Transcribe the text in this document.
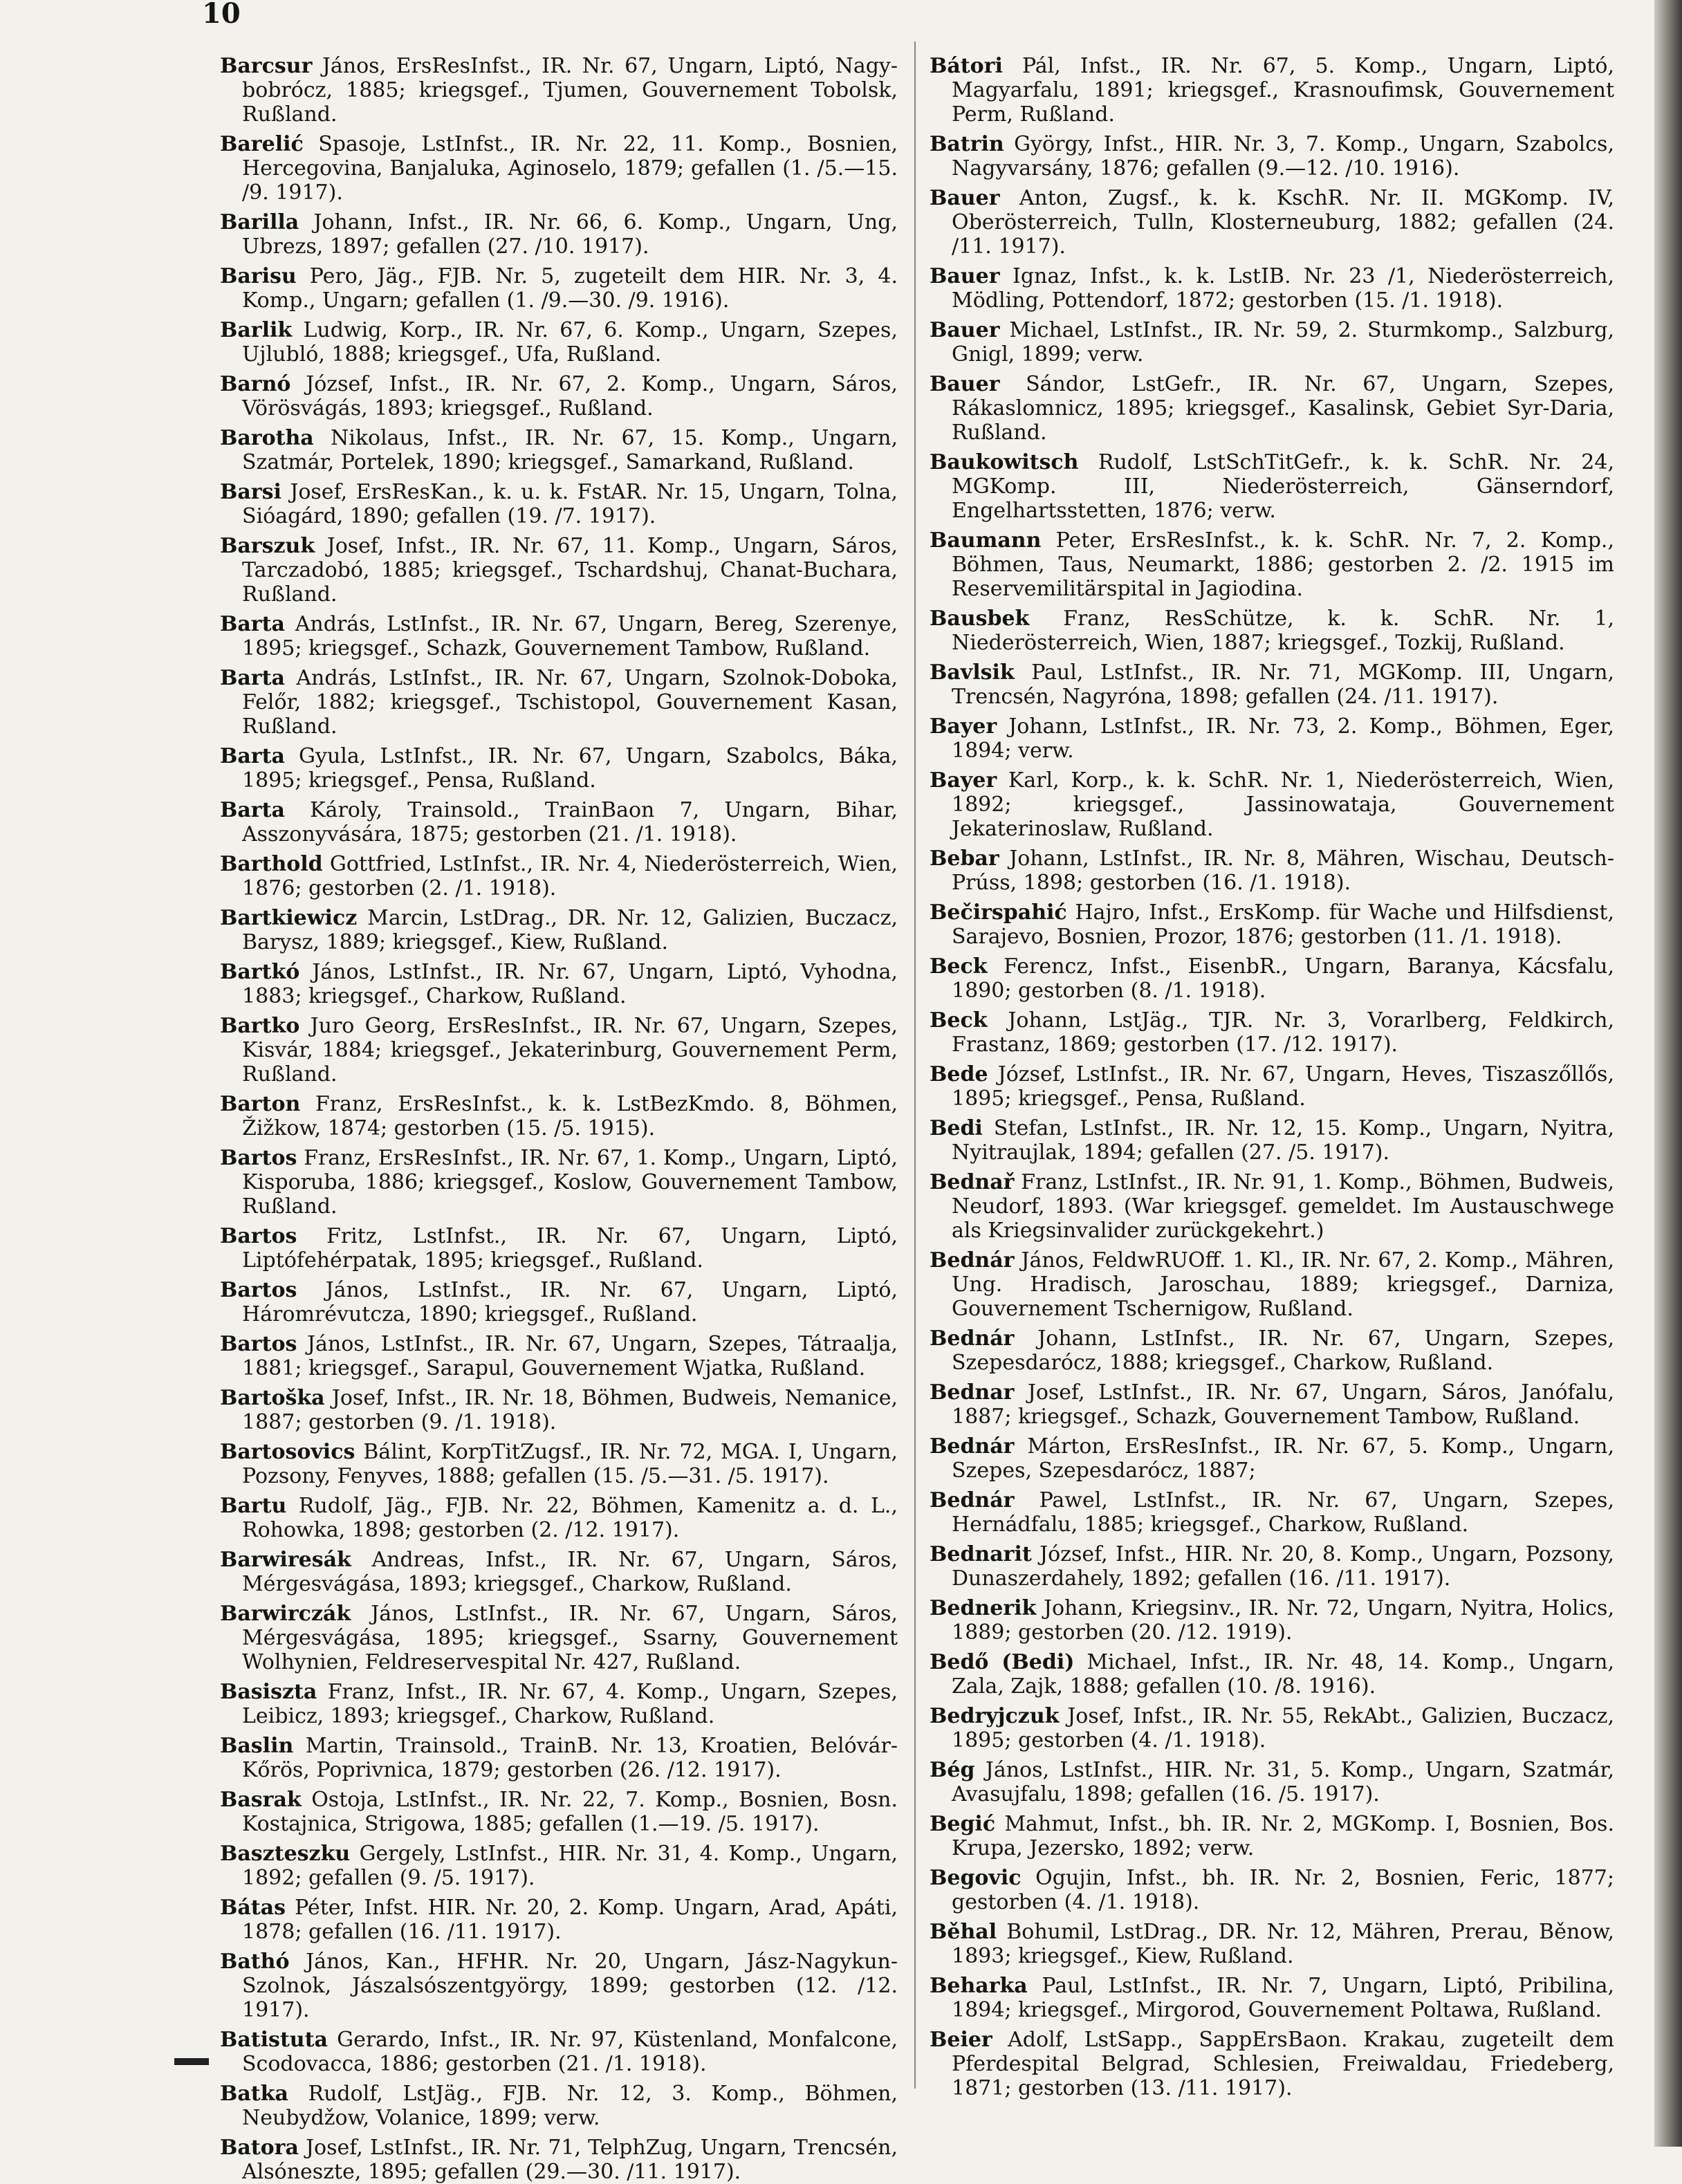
10

Barcsur János, ErsResInfst., IR. Nr. 67, Ungarn, Liptó, Nagy-bobrócz, 1885; kriegsgef., Tjumen, Gouvernement Tobolsk, Rußland.

Barelić Spasoje, LstInfst., IR. Nr. 22, 11. Komp., Bosnien, Hercegovina, Banjaluka, Aginoselo, 1879; gefallen (1. /5.—15. /9. 1917).

Barilla Johann, Infst., IR. Nr. 66, 6. Komp., Ungarn, Ung, Ubrezs, 1897; gefallen (27. /10. 1917).

Barisu Pero, Jäg., FJB. Nr. 5, zugeteilt dem HIR. Nr. 3, 4. Komp., Ungarn; gefallen (1. /9.—30. /9. 1916).

Barlik Ludwig, Korp., IR. Nr. 67, 6. Komp., Ungarn, Szepes, Ujlubló, 1888; kriegsgef., Ufa, Rußland.

Barnó József, Infst., IR. Nr. 67, 2. Komp., Ungarn, Sáros, Vörösvágás, 1893; kriegsgef., Rußland.

Barotha Nikolaus, Infst., IR. Nr. 67, 15. Komp., Ungarn, Szatmár, Portelek, 1890; kriegsgef., Samarkand, Rußland.

Barsi Josef, ErsResKan., k. u. k. FstAR. Nr. 15, Ungarn, Tolna, Sióagárd, 1890; gefallen (19. /7. 1917).

Barszuk Josef, Infst., IR. Nr. 67, 11. Komp., Ungarn, Sáros, Tarczadobó, 1885; kriegsgef., Tschardshuj, Chanat-Buchara, Rußland.

Barta András, LstInfst., IR. Nr. 67, Ungarn, Bereg, Szerenye, 1895; kriegsgef., Schazk, Gouvernement Tambow, Rußland.

Barta András, LstInfst., IR. Nr. 67, Ungarn, Szolnok-Doboka, Felőr, 1882; kriegsgef., Tschistopol, Gouvernement Kasan, Rußland.

Barta Gyula, LstInfst., IR. Nr. 67, Ungarn, Szabolcs, Báka, 1895; kriegsgef., Pensa, Rußland.

Barta Károly, Trainsold., TrainBaon 7, Ungarn, Bihar, Asszonyvására, 1875; gestorben (21. /1. 1918).

Barthold Gottfried, LstInfst., IR. Nr. 4, Niederösterreich, Wien, 1876; gestorben (2. /1. 1918).

Bartkiewicz Marcin, LstDrag., DR. Nr. 12, Galizien, Buczacz, Barysz, 1889; kriegsgef., Kiew, Rußland.

Bartkó János, LstInfst., IR. Nr. 67, Ungarn, Liptó, Vyhodna, 1883; kriegsgef., Charkow, Rußland.

Bartko Juro Georg, ErsResInfst., IR. Nr. 67, Ungarn, Szepes, Kisvár, 1884; kriegsgef., Jekaterinburg, Gouvernement Perm, Rußland.

Barton Franz, ErsResInfst., k. k. LstBezKmdo. 8, Böhmen, Žižkow, 1874; gestorben (15. /5. 1915).

Bartos Franz, ErsResInfst., IR. Nr. 67, 1. Komp., Ungarn, Liptó, Kisporuba, 1886; kriegsgef., Koslow, Gouvernement Tambow, Rußland.

Bartos Fritz, LstInfst., IR. Nr. 67, Ungarn, Liptó, Liptófehérpatak, 1895; kriegsgef., Rußland.

Bartos János, LstInfst., IR. Nr. 67, Ungarn, Liptó, Háromrévutcza, 1890; kriegsgef., Rußland.

Bartos János, LstInfst., IR. Nr. 67, Ungarn, Szepes, Tátraalja, 1881; kriegsgef., Sarapul, Gouvernement Wjatka, Rußland.

Bartoška Josef, Infst., IR. Nr. 18, Böhmen, Budweis, Nemanice, 1887; gestorben (9. /1. 1918).

Bartosovics Bálint, KorpTitZugsf., IR. Nr. 72, MGA. I, Ungarn, Pozsony, Fenyves, 1888; gefallen (15. /5.—31. /5. 1917).

Bartu Rudolf, Jäg., FJB. Nr. 22, Böhmen, Kamenitz a. d. L., Rohowka, 1898; gestorben (2. /12. 1917).

Barwiresák Andreas, Infst., IR. Nr. 67, Ungarn, Sáros, Mérgesvágása, 1893; kriegsgef., Charkow, Rußland.

Barwirczák János, LstInfst., IR. Nr. 67, Ungarn, Sáros, Mérgesvágása, 1895; kriegsgef., Ssarny, Gouvernement Wolhynien, Feldreservespital Nr. 427, Rußland.

Basiszta Franz, Infst., IR. Nr. 67, 4. Komp., Ungarn, Szepes, Leibicz, 1893; kriegsgef., Charkow, Rußland.

Baslin Martin, Trainsold., TrainB. Nr. 13, Kroatien, Belóvár-Kőrös, Poprivnica, 1879; gestorben (26. /12. 1917).

Basrak Ostoja, LstInfst., IR. Nr. 22, 7. Komp., Bosnien, Bosn. Kostajnica, Strigowa, 1885; gefallen (1.—19. /5. 1917).

Baszteszku Gergely, LstInfst., HIR. Nr. 31, 4. Komp., Ungarn, 1892; gefallen (9. /5. 1917).

Bátas Péter, Infst. HIR. Nr. 20, 2. Komp. Ungarn, Arad, Apáti, 1878; gefallen (16. /11. 1917).

Bathó János, Kan., HFHR. Nr. 20, Ungarn, Jász-Nagykun-Szolnok, Jászalsószentgyörgy, 1899; gestorben (12. /12. 1917).

Batistuta Gerardo, Infst., IR. Nr. 97, Küstenland, Monfalcone, Scodovacca, 1886; gestorben (21. /1. 1918).

Batka Rudolf, LstJäg., FJB. Nr. 12, 3. Komp., Böhmen, Neubydžow, Volanice, 1899; verw.

Batora Josef, LstInfst., IR. Nr. 71, TelphZug, Ungarn, Trencsén, Alsóneszte, 1895; gefallen (29.—30. /11. 1917).

Bátori Pál, Infst., IR. Nr. 67, 5. Komp., Ungarn, Liptó, Magyarfalu, 1891; kriegsgef., Krasnoufimsk, Gouvernement Perm, Rußland.

Batrin György, Infst., HIR. Nr. 3, 7. Komp., Ungarn, Szabolcs, Nagyvarsány, 1876; gefallen (9.—12. /10. 1916).

Bauer Anton, Zugsf., k. k. KschR. Nr. II. MGKomp. IV, Oberösterreich, Tulln, Klosterneuburg, 1882; gefallen (24. /11. 1917).

Bauer Ignaz, Infst., k. k. LstIB. Nr. 23 /1, Niederösterreich, Mödling, Pottendorf, 1872; gestorben (15. /1. 1918).

Bauer Michael, LstInfst., IR. Nr. 59, 2. Sturmkomp., Salzburg, Gnigl, 1899; verw.

Bauer Sándor, LstGefr., IR. Nr. 67, Ungarn, Szepes, Rákaslomnicz, 1895; kriegsgef., Kasalinsk, Gebiet Syr-Daria, Rußland.

Baukowitsch Rudolf, LstSchTitGefr., k. k. SchR. Nr. 24, MGKomp. III, Niederösterreich, Gänserndorf, Engelhartsstetten, 1876; verw.

Baumann Peter, ErsResInfst., k. k. SchR. Nr. 7, 2. Komp., Böhmen, Taus, Neumarkt, 1886; gestorben 2. /2. 1915 im Reservemilitärspital in Jagiodina.

Bausbek Franz, ResSchütze, k. k. SchR. Nr. 1, Niederösterreich, Wien, 1887; kriegsgef., Tozkij, Rußland.

Bavlsik Paul, LstInfst., IR. Nr. 71, MGKomp. III, Ungarn, Trencsén, Nagyróna, 1898; gefallen (24. /11. 1917).

Bayer Johann, LstInfst., IR. Nr. 73, 2. Komp., Böhmen, Eger, 1894; verw.

Bayer Karl, Korp., k. k. SchR. Nr. 1, Niederösterreich, Wien, 1892; kriegsgef., Jassinowataja, Gouvernement Jekaterinoslaw, Rußland.

Bebar Johann, LstInfst., IR. Nr. 8, Mähren, Wischau, Deutsch-Prúss, 1898; gestorben (16. /1. 1918).

Bečirspahić Hajro, Infst., ErsKomp. für Wache und Hilfsdienst, Sarajevo, Bosnien, Prozor, 1876; gestorben (11. /1. 1918).

Beck Ferencz, Infst., EisenbR., Ungarn, Baranya, Kácsfalu, 1890; gestorben (8. /1. 1918).

Beck Johann, LstJäg., TJR. Nr. 3, Vorarlberg, Feldkirch, Frastanz, 1869; gestorben (17. /12. 1917).

Bede József, LstInfst., IR. Nr. 67, Ungarn, Heves, Tiszaszőllős, 1895; kriegsgef., Pensa, Rußland.

Bedi Stefan, LstInfst., IR. Nr. 12, 15. Komp., Ungarn, Nyitra, Nyitraujlak, 1894; gefallen (27. /5. 1917).

Bednař Franz, LstInfst., IR. Nr. 91, 1. Komp., Böhmen, Budweis, Neudorf, 1893. (War kriegsgef. gemeldet. Im Austauschwege als Kriegsinvalider zurückgekehrt.)

Bednár János, FeldwRUOff. 1. Kl., IR. Nr. 67, 2. Komp., Mähren, Ung. Hradisch, Jaroschau, 1889; kriegsgef., Darniza, Gouvernement Tschernigow, Rußland.

Bednár Johann, LstInfst., IR. Nr. 67, Ungarn, Szepes, Szepesdarócz, 1888; kriegsgef., Charkow, Rußland.

Bednar Josef, LstInfst., IR. Nr. 67, Ungarn, Sáros, Janófalu, 1887; kriegsgef., Schazk, Gouvernement Tambow, Rußland.

Bednár Márton, ErsResInfst., IR. Nr. 67, 5. Komp., Ungarn, Szepes, Szepesdarócz, 1887;

Bednár Pawel, LstInfst., IR. Nr. 67, Ungarn, Szepes, Hernádfalu, 1885; kriegsgef., Charkow, Rußland.

Bednarit József, Infst., HIR. Nr. 20, 8. Komp., Ungarn, Pozsony, Dunaszerdahely, 1892; gefallen (16. /11. 1917).

Bednerik Johann, Kriegsinv., IR. Nr. 72, Ungarn, Nyitra, Holics, 1889; gestorben (20. /12. 1919).

Bedő (Bedi) Michael, Infst., IR. Nr. 48, 14. Komp., Ungarn, Zala, Zajk, 1888; gefallen (10. /8. 1916).

Bedryjczuk Josef, Infst., IR. Nr. 55, RekAbt., Galizien, Buczacz, 1895; gestorben (4. /1. 1918).

Bég János, LstInfst., HIR. Nr. 31, 5. Komp., Ungarn, Szatmár, Avasujfalu, 1898; gefallen (16. /5. 1917).

Begić Mahmut, Infst., bh. IR. Nr. 2, MGKomp. I, Bosnien, Bos. Krupa, Jezersko, 1892; verw.

Begovic Ogujin, Infst., bh. IR. Nr. 2, Bosnien, Feric, 1877; gestorben (4. /1. 1918).

Běhal Bohumil, LstDrag., DR. Nr. 12, Mähren, Prerau, Běnow, 1893; kriegsgef., Kiew, Rußland.

Beharka Paul, LstInfst., IR. Nr. 7, Ungarn, Liptó, Pribilina, 1894; kriegsgef., Mirgorod, Gouvernement Poltawa, Rußland.

Beier Adolf, LstSapp., SappErsBaon. Krakau, zugeteilt dem Pferdespital Belgrad, Schlesien, Freiwaldau, Friedeberg, 1871; gestorben (13. /11. 1917).
